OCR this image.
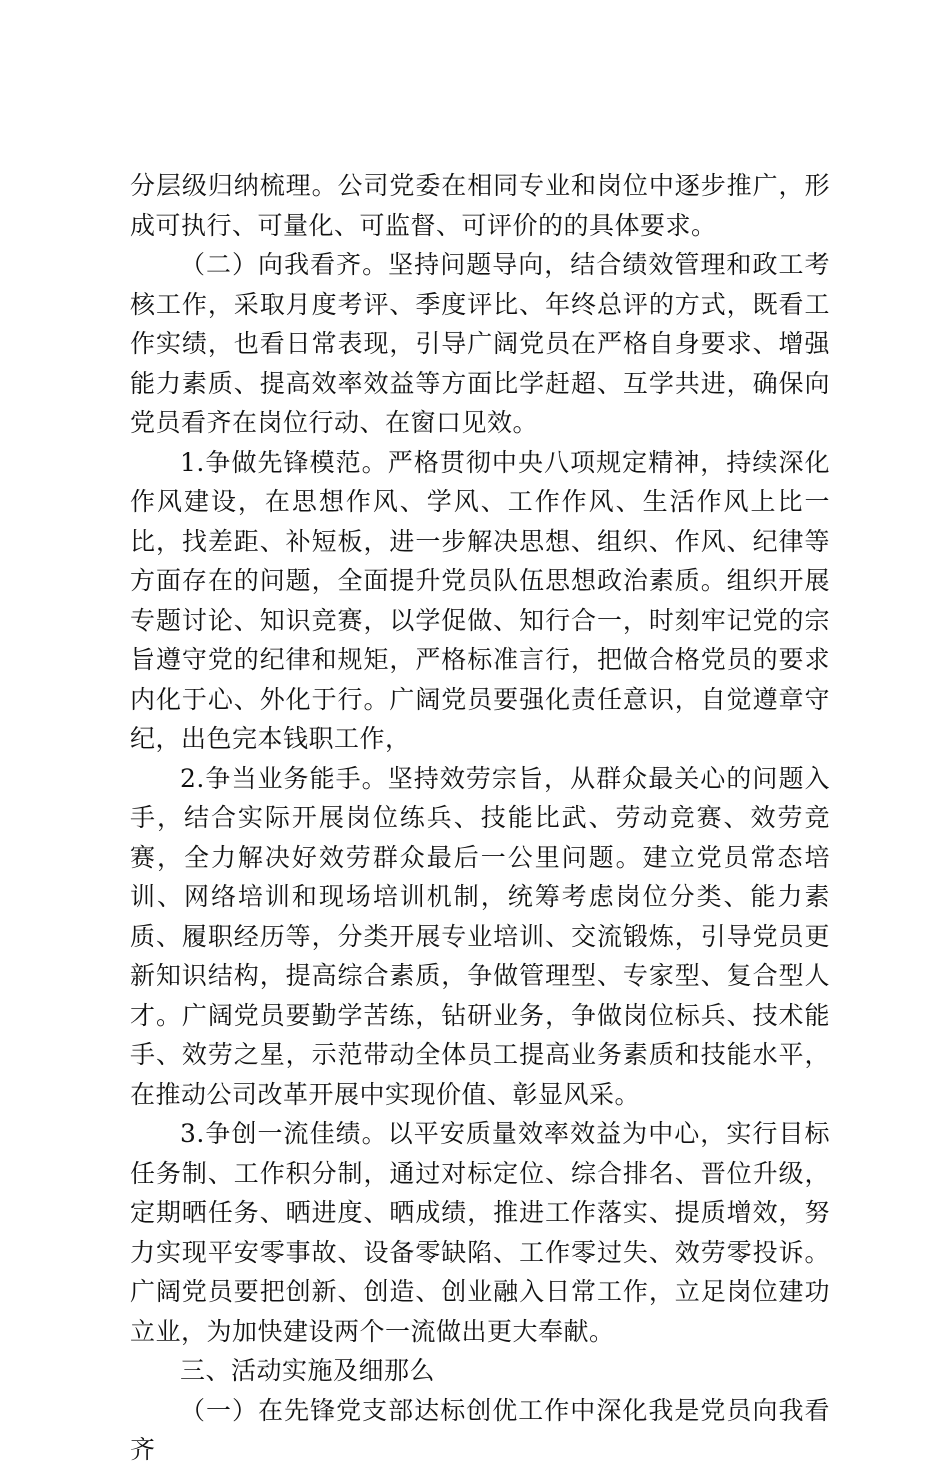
分层级归纳梳理。公司党委在相同专业和岗位中逐步推广，形成可执行、可量化、可监督、可评价的的具体要求。

（二）向我看齐。坚持问题导向，结合绩效管理和政工考核工作，采取月度考评、季度评比、年终总评的方式，既看工作实绩，也看日常表现，引导广阔党员在严格自身要求、增强能力素质、提高效率效益等方面比学赶超、互学共进，确保向党员看齐在岗位行动、在窗口见效。

1.争做先锋模范。严格贯彻中央八项规定精神，持续深化作风建设，在思想作风、学风、工作作风、生活作风上比一比，找差距、补短板，进一步解决思想、组织、作风、纪律等方面存在的问题，全面提升党员队伍思想政治素质。组织开展专题讨论、知识竞赛，以学促做、知行合一，时刻牢记党的宗旨遵守党的纪律和规矩，严格标准言行，把做合格党员的要求内化于心、外化于行。广阔党员要强化责任意识，自觉遵章守纪，出色完本钱职工作，

2.争当业务能手。坚持效劳宗旨，从群众最关心的问题入手，结合实际开展岗位练兵、技能比武、劳动竞赛、效劳竞赛，全力解决好效劳群众最后一公里问题。建立党员常态培训、网络培训和现场培训机制，统筹考虑岗位分类、能力素质、履职经历等，分类开展专业培训、交流锻炼，引导党员更新知识结构，提高综合素质，争做管理型、专家型、复合型人才。广阔党员要勤学苦练，钻研业务，争做岗位标兵、技术能手、效劳之星，示范带动全体员工提高业务素质和技能水平，在推动公司改革开展中实现价值、彰显风采。

3.争创一流佳绩。以平安质量效率效益为中心，实行目标任务制、工作积分制，通过对标定位、综合排名、晋位升级，定期晒任务、晒进度、晒成绩，推进工作落实、提质增效，努力实现平安零事故、设备零缺陷、工作零过失、效劳零投诉。广阔党员要把创新、创造、创业融入日常工作，立足岗位建功立业，为加快建设两个一流做出更大奉献。

三、活动实施及细那么

（一）在先锋党支部达标创优工作中深化我是党员向我看齐
